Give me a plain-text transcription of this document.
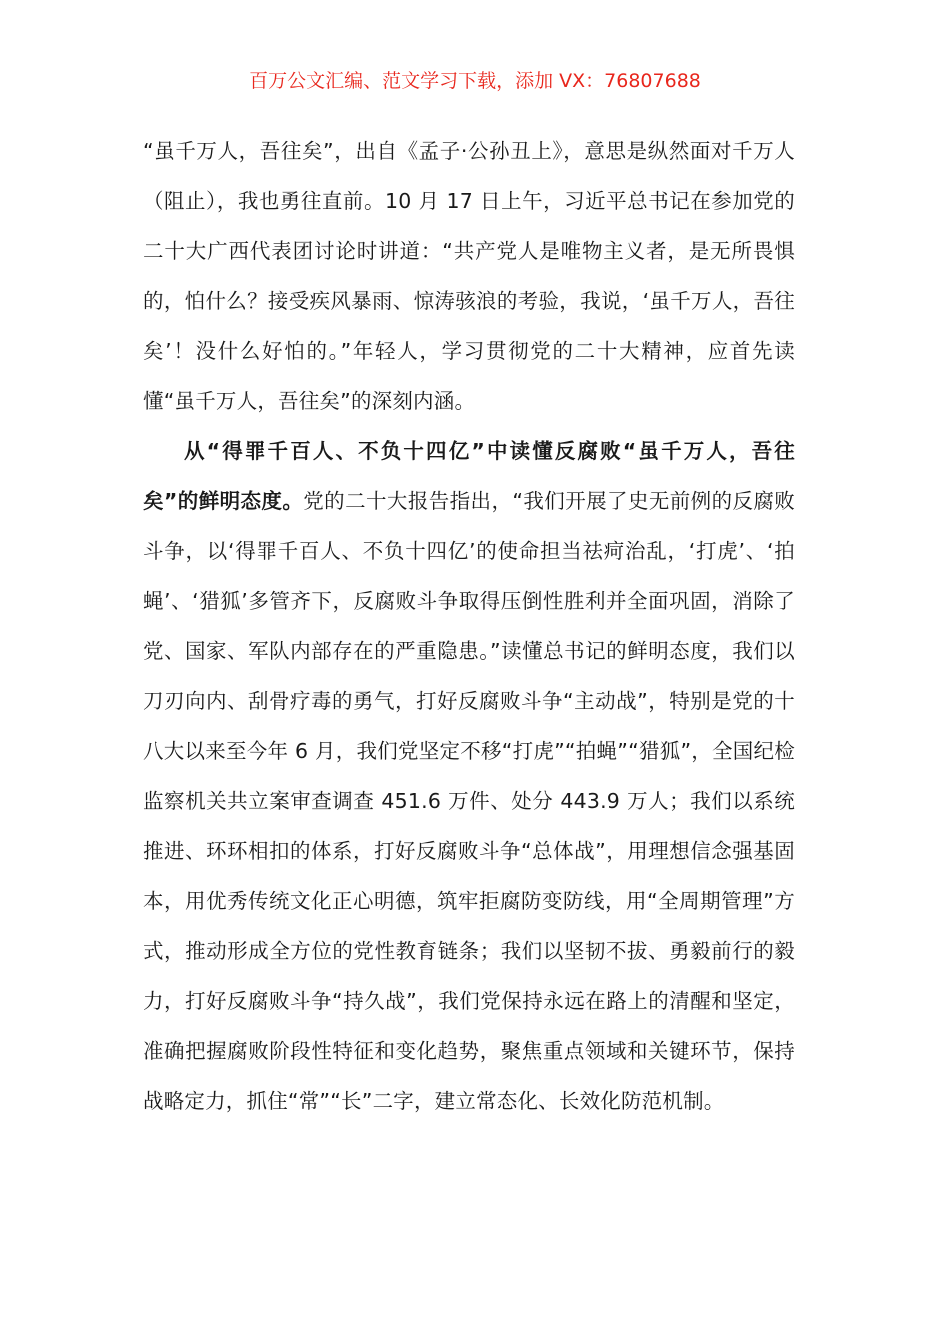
百万公文汇编、范文学习下载，添加 VX：76807688

“虽千万人，吾往矣”，出自《孟子·公孙丑上》，意思是纵然面对千万人（阻止），我也勇往直前。10 月 17 日上午，习近平总书记在参加党的二十大广西代表团讨论时讲道：“共产党人是唯物主义者，是无所畏惧的，怕什么？接受疾风暴雨、惊涛骇浪的考验，我说，‘虽千万人，吾往矣’！没什么好怕的。”年轻人，学习贯彻党的二十大精神，应首先读懂“虽千万人，吾往矣”的深刻内涵。

从“得罪千百人、不负十四亿”中读懂反腐败“虽千万人，吾往矣”的鲜明态度。党的二十大报告指出，“我们开展了史无前例的反腐败斗争，以‘得罪千百人、不负十四亿’的使命担当祛疴治乱，‘打虎’、‘拍蝇’、‘猎狐’多管齐下，反腐败斗争取得压倒性胜利并全面巩固，消除了党、国家、军队内部存在的严重隐患。”读懂总书记的鲜明态度，我们以刀刃向内、刮骨疗毒的勇气，打好反腐败斗争“主动战”，特别是党的十八大以来至今年 6 月，我们党坚定不移“打虎”“拍蝇”“猎狐”，全国纪检监察机关共立案审查调查 451.6 万件、处分 443.9 万人；我们以系统推进、环环相扣的体系，打好反腐败斗争“总体战”，用理想信念强基固本，用优秀传统文化正心明德，筑牢拒腐防变防线，用“全周期管理”方式，推动形成全方位的党性教育链条；我们以坚韧不拔、勇毅前行的毅力，打好反腐败斗争“持久战”，我们党保持永远在路上的清醒和坚定，准确把握腐败阶段性特征和变化趋势，聚焦重点领域和关键环节，保持战略定力，抓住“常”“长”二字，建立常态化、长效化防范机制。
